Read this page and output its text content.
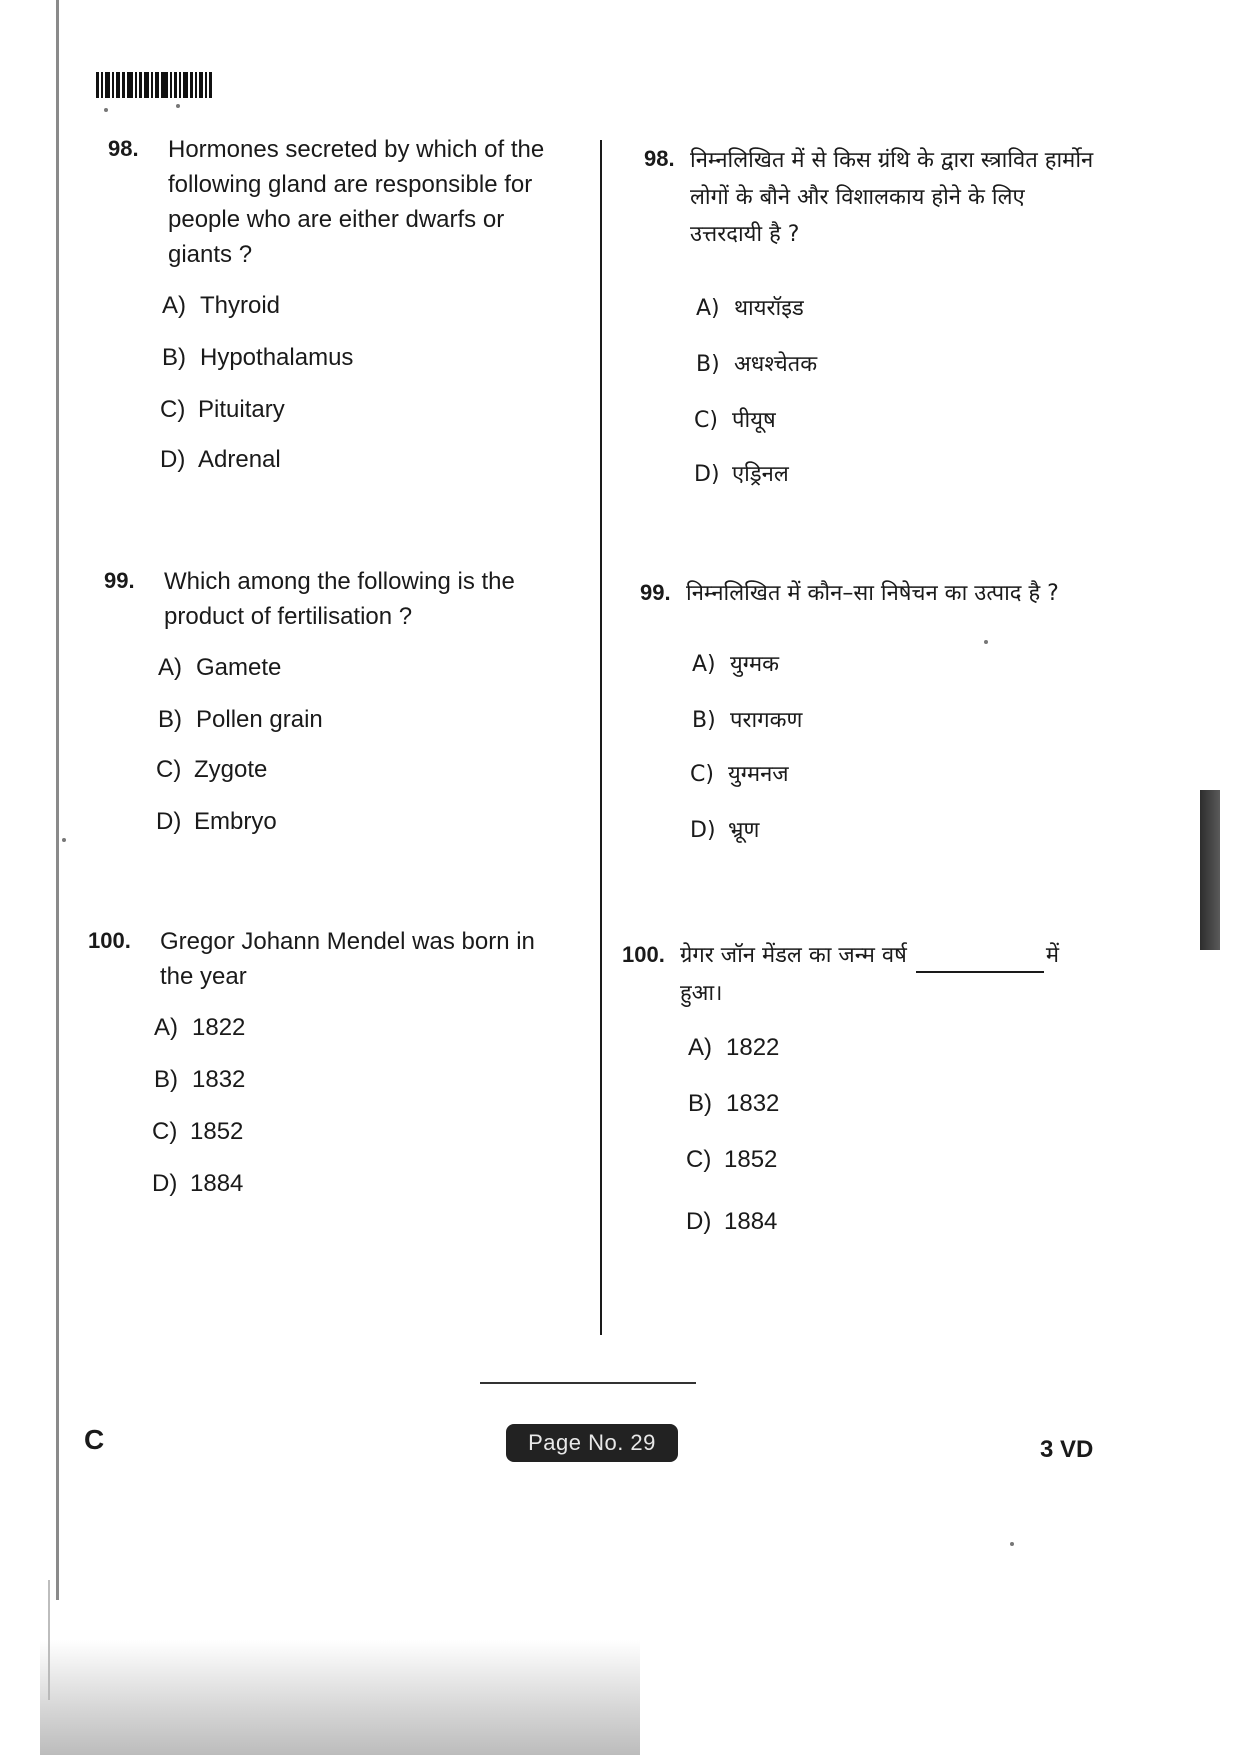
98. Hormones secreted by which of the following gland are responsible for people who are either dwarfs or giants ?
A) Thyroid
B) Hypothalamus
C) Pituitary
D) Adrenal
99. Which among the following is the product of fertilisation ?
A) Gamete
B) Pollen grain
C) Zygote
D) Embryo
100. Gregor Johann Mendel was born in the year
A) 1822
B) 1832
C) 1852
D) 1884
98. निम्नलिखित में से किस ग्रंथि के द्वारा स्त्रावित हार्मोन लोगों के बौने और विशालकाय होने के लिए उत्तरदायी है ?
A) थायरॉइड
B) अधश्चेतक
C) पीयूष
D) एड्रिनल
99. निम्नलिखित में कौन–सा निषेचन का उत्पाद है ?
A) युग्मक
B) परागकण
C) युग्मनज
D) भ्रूण
100. ग्रेगर जॉन मेंडल का जन्म वर्ष	में
हुआ।
A) 1822
B) 1832
C) 1852
D) 1884
C	Page No. 29	3 VD
